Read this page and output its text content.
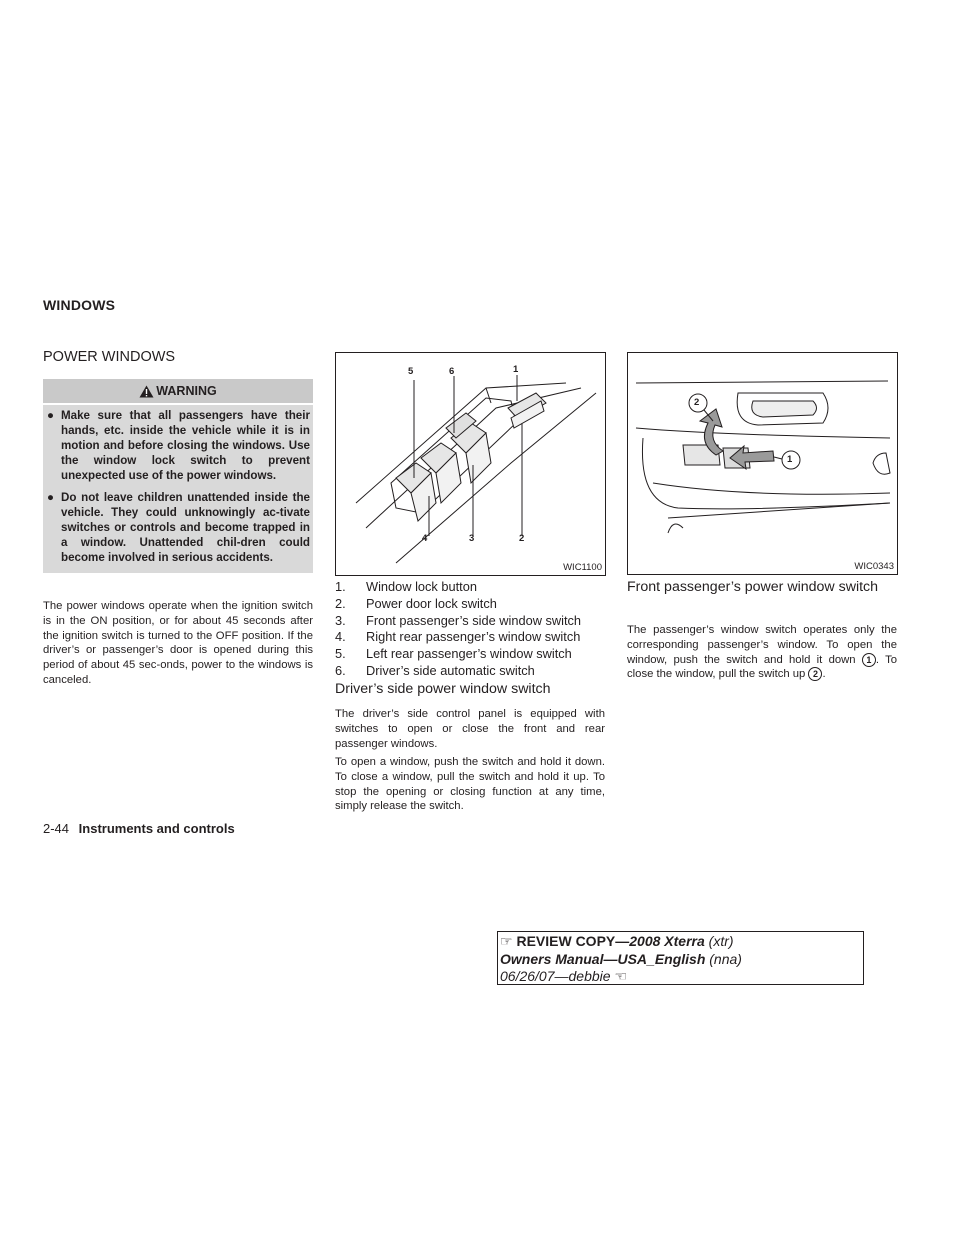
WINDOWS
POWER WINDOWS
WARNING
● Make sure that all passengers have their hands, etc. inside the vehicle while it is in motion and before closing the windows. Use the window lock switch to prevent unexpected use of the power windows.
● Do not leave children unattended inside the vehicle. They could unknowingly ac-tivate switches or controls and become trapped in a window. Unattended chil-dren could become involved in serious accidents.

The power windows operate when the ignition switch is in the ON position, or for about 45 seconds after the ignition switch is turned to the OFF position. If the driver’s or passenger’s door is opened during this period of about 45 sec-onds, power to the windows is canceled.

5	6	1
4	3	2
WIC1100
2
1
WIC0343
1.	Window lock button
2.	Power door lock switch
3.	Front passenger’s side window switch
4.	Right rear passenger’s window switch
5.	Left rear passenger’s window switch
6.	Driver’s side automatic switch
Driver’s side power window switch

The driver’s side control panel is equipped with switches to open or close the front and rear passenger windows.

To open a window, push the switch and hold it down. To close a window, pull the switch and hold it up. To stop the opening or closing function at any time, simply release the switch.

Front passenger’s power window switch

The passenger’s window switch operates only the corresponding passenger’s window. To open the window, push the switch and hold it down 1 . To close the window, pull the switch up 2 .

2-44 Instruments and controls
☞ REVIEW COPY—2008 Xterra (xtr)
Owners Manual—USA_English (nna)
06/26/07—debbie ☜
